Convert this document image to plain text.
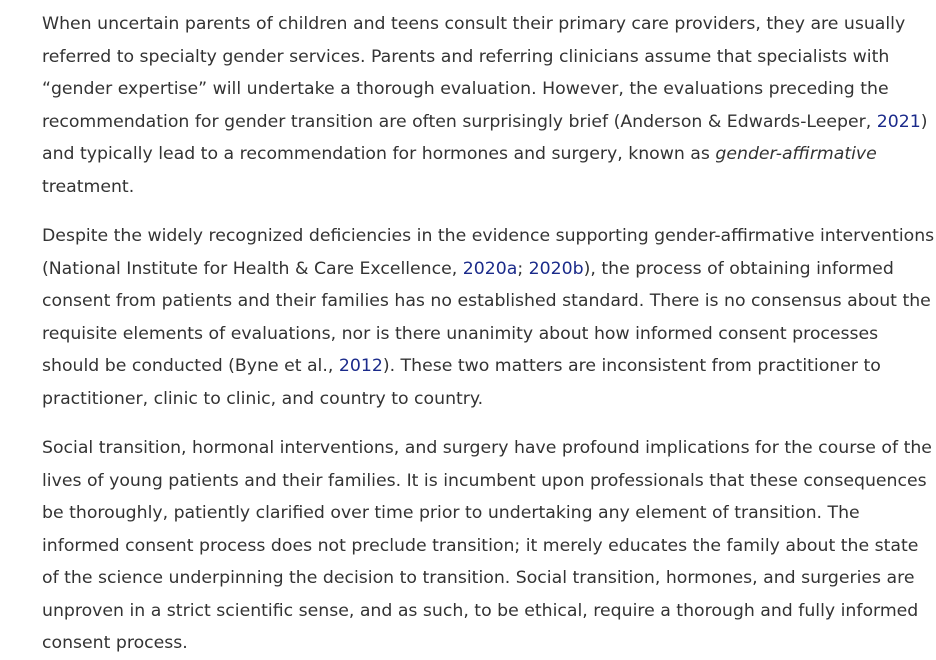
When uncertain parents of children and teens consult their primary care providers, they are usually referred to specialty gender services. Parents and referring clinicians assume that specialists with “gender expertise” will undertake a thorough evaluation. However, the evaluations preceding the recommendation for gender transition are often surprisingly brief (Anderson & Edwards-Leeper, 2021) and typically lead to a recommendation for hormones and surgery, known as gender-affirmative treatment.

Despite the widely recognized deficiencies in the evidence supporting gender-affirmative interventions (National Institute for Health & Care Excellence, 2020a; 2020b), the process of obtaining informed consent from patients and their families has no established standard. There is no consensus about the requisite elements of evaluations, nor is there unanimity about how informed consent processes should be conducted (Byne et al., 2012). These two matters are inconsistent from practitioner to practitioner, clinic to clinic, and country to country.

Social transition, hormonal interventions, and surgery have profound implications for the course of the lives of young patients and their families. It is incumbent upon professionals that these consequences be thoroughly, patiently clarified over time prior to undertaking any element of transition. The informed consent process does not preclude transition; it merely educates the family about the state of the science underpinning the decision to transition. Social transition, hormones, and surgeries are unproven in a strict scientific sense, and as such, to be ethical, require a thorough and fully informed consent process.
